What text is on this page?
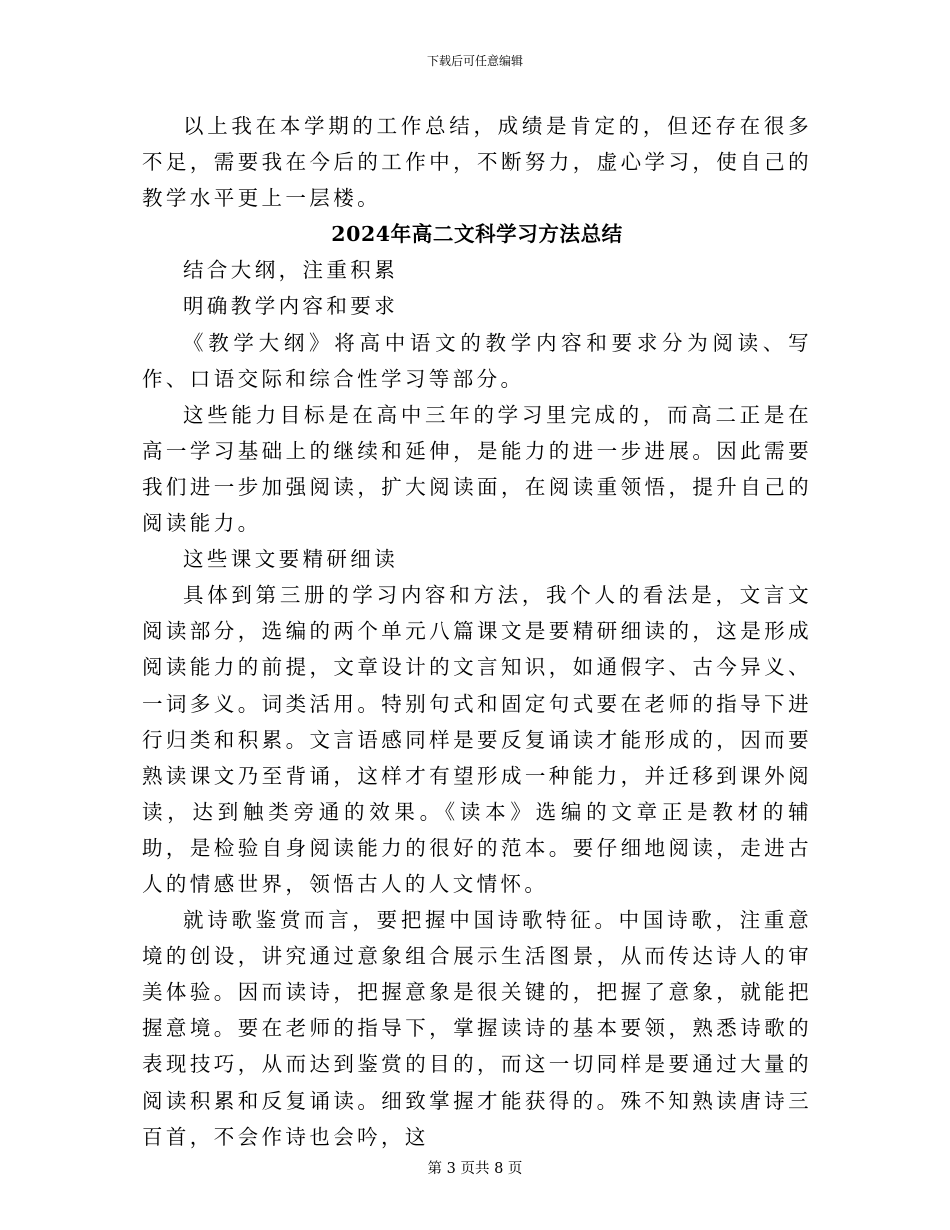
下载后可任意编辑

以上我在本学期的工作总结，成绩是肯定的，但还存在很多不足，需要我在今后的工作中，不断努力，虚心学习，使自己的教学水平更上一层楼。

2024年高二文科学习方法总结

结合大纲，注重积累

明确教学内容和要求

《教学大纲》将高中语文的教学内容和要求分为阅读、写作、口语交际和综合性学习等部分。

这些能力目标是在高中三年的学习里完成的，而高二正是在高一学习基础上的继续和延伸，是能力的进一步进展。因此需要我们进一步加强阅读，扩大阅读面，在阅读重领悟，提升自己的阅读能力。

这些课文要精研细读

具体到第三册的学习内容和方法，我个人的看法是，文言文阅读部分，选编的两个单元八篇课文是要精研细读的，这是形成阅读能力的前提，文章设计的文言知识，如通假字、古今异义、一词多义。词类活用。特别句式和固定句式要在老师的指导下进行归类和积累。文言语感同样是要反复诵读才能形成的，因而要熟读课文乃至背诵，这样才有望形成一种能力，并迁移到课外阅读，达到触类旁通的效果。《读本》选编的文章正是教材的辅助，是检验自身阅读能力的很好的范本。要仔细地阅读，走进古人的情感世界，领悟古人的人文情怀。

就诗歌鉴赏而言，要把握中国诗歌特征。中国诗歌，注重意境的创设，讲究通过意象组合展示生活图景，从而传达诗人的审美体验。因而读诗，把握意象是很关键的，把握了意象，就能把握意境。要在老师的指导下，掌握读诗的基本要领，熟悉诗歌的表现技巧，从而达到鉴赏的目的，而这一切同样是要通过大量的阅读积累和反复诵读。细致掌握才能获得的。殊不知熟读唐诗三百首，不会作诗也会吟，这

第 3 页共 8 页
